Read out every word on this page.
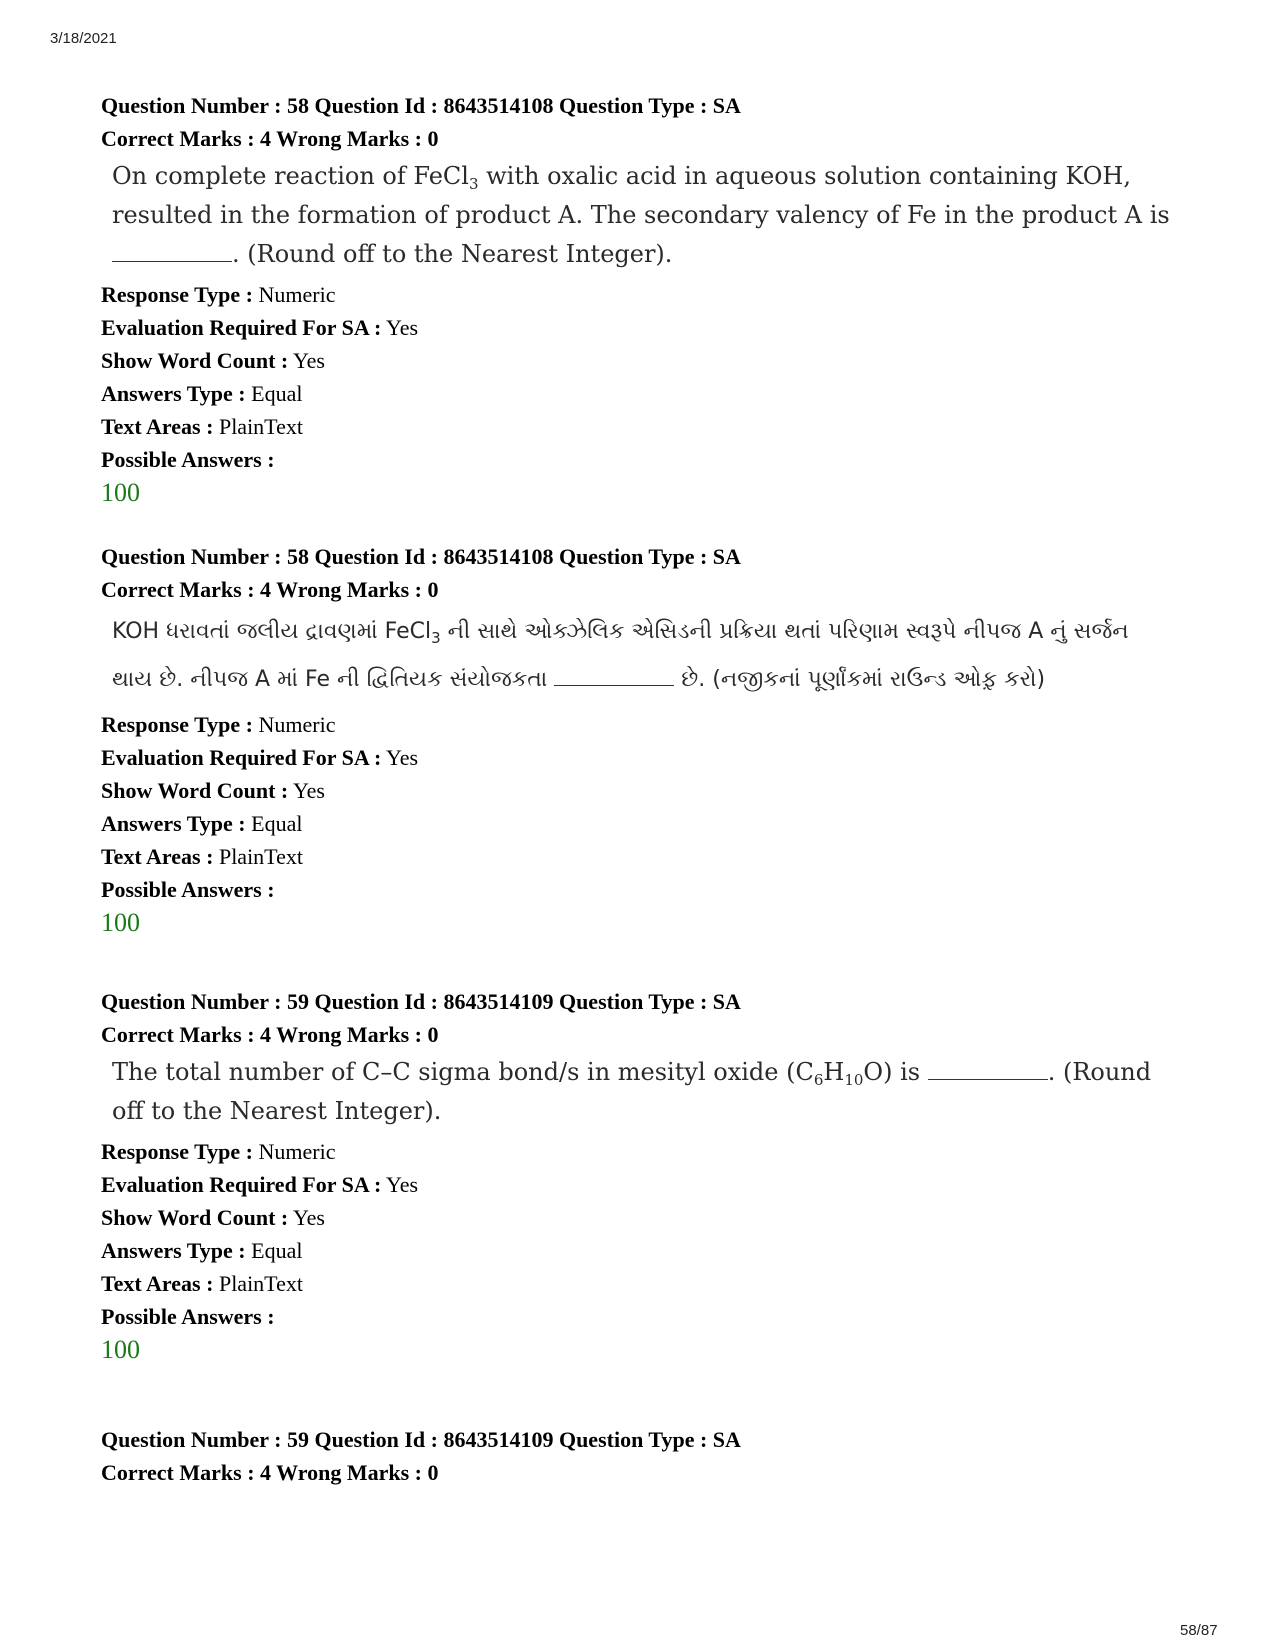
3/18/2021
Question Number : 58 Question Id : 8643514108 Question Type : SA
Correct Marks : 4 Wrong Marks : 0
On complete reaction of FeCl$_3$ with oxalic acid in aqueous solution containing KOH, resulted in the formation of product A. The secondary valency of Fe in the product A is . (Round off to the Nearest Integer).
Response Type : Numeric
Evaluation Required For SA : Yes
Show Word Count : Yes
Answers Type : Equal
Text Areas : PlainText
Possible Answers :
100
Question Number : 58 Question Id : 8643514108 Question Type : SA
Correct Marks : 4 Wrong Marks : 0
KOH ધરાવતાં જલીય દ્રાવણમાં FeCl$_3$ ની સાથે ઓક્ઝેલિક એસિડની પ્રક્રિયા થતાં પરિણામ સ્વરૂપે નીપજ A નું સર્જન થાય છે. નીપજ A માં Fe ની દ્વિતિયક સંયોજકતા	છે. (નજીકનાં પૂર્ણાંકમાં રાઉન્ડ ઓફ઼ કરો)
Response Type : Numeric
Evaluation Required For SA : Yes
Show Word Count : Yes
Answers Type : Equal
Text Areas : PlainText
Possible Answers :
100
Question Number : 59 Question Id : 8643514109 Question Type : SA
Correct Marks : 4 Wrong Marks : 0
The total number of C–C sigma bond/s in mesityl oxide $(C_6H_{10}O)$ is	. (Round off to the Nearest Integer).
Response Type : Numeric
Evaluation Required For SA : Yes
Show Word Count : Yes
Answers Type : Equal
Text Areas : PlainText
Possible Answers :
100
Question Number : 59 Question Id : 8643514109 Question Type : SA
Correct Marks : 4 Wrong Marks : 0
58/87
